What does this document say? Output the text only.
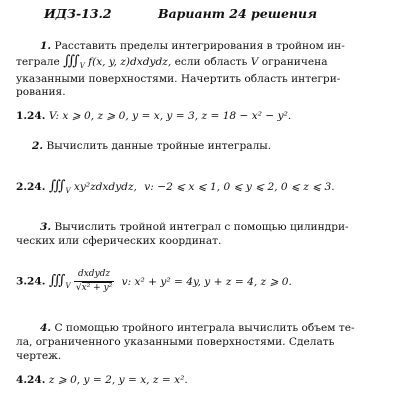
ИДЗ-13.2	Вариант 24 решения
1. Расставить пределы интегрирования в тройном ин-
теграле $∭_V$ f(x, y, z)dxdydz, если область V ограничена
указанными поверхностями. Начертить область интегри-
рования.
1.24. V: x ⩾ 0, z ⩾ 0, y = x, y = 3, z = 18 − x² − y².
2. Вычислить данные тройные интегралы.
2.24. $∭_V$ xy²zdxdydz, v: −2 ⩽ x ⩽ 1, 0 ⩽ y ⩽ 2, 0 ⩽ z ⩽ 3.
3. Вычислить тройной интеграл с помощью цилиндри-
ческих или сферических координат.
3.24. $∭_V \frac{\text{dxdydz}}{\text{√x² + y²}} v$: x² + y² = 4y, y + z = 4, z ⩾ 0.
4. С помощью тройного интеграла вычислить объем те-
ла, ограниченного указанными поверхностями. Сделать
чертеж.
4.24. z ⩾ 0, y = 2, y = x, z = x².
